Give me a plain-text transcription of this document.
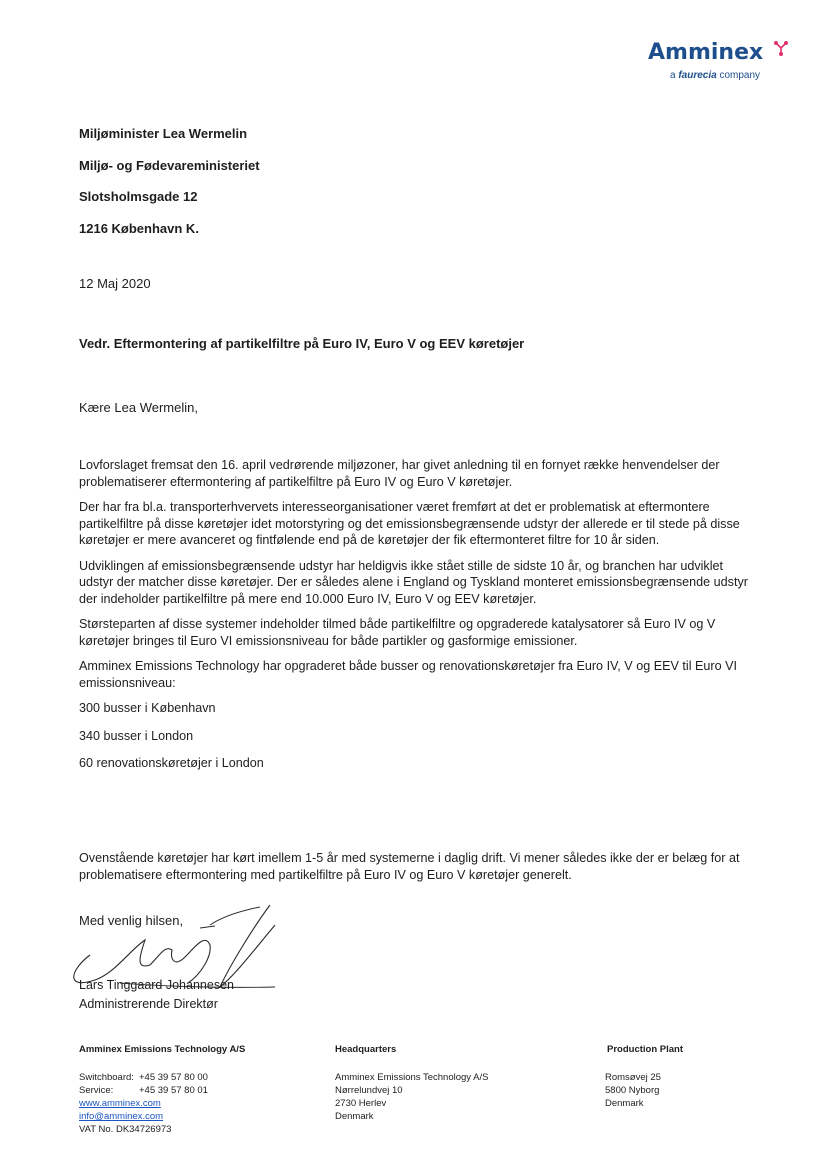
Amminex
a faurecia company
Miljøminister Lea Wermelin
Miljø- og Fødevareministeriet
Slotsholmsgade 12
1216 København K.
12 Maj 2020
Vedr. Eftermontering af partikelfiltre på Euro IV, Euro V og EEV køretøjer
Kære Lea Wermelin,

Lovforslaget fremsat den 16. april vedrørende miljøzoner, har givet anledning til en fornyet række henvendelser der problematiserer eftermontering af partikelfiltre på Euro IV og Euro V køretøjer.

Der har fra bl.a. transporterhvervets interesseorganisationer været fremført at det er problematisk at eftermontere partikelfiltre på disse køretøjer idet motorstyring og det emissionsbegrænsende udstyr der allerede er til stede på disse køretøjer er mere avanceret og fintfølende end på de køretøjer der fik eftermonteret filtre for 10 år siden.

Udviklingen af emissionsbegrænsende udstyr har heldigvis ikke stået stille de sidste 10 år, og branchen har udviklet udstyr der matcher disse køretøjer. Der er således alene i England og Tyskland monteret emissionsbegrænsende udstyr der indeholder partikelfiltre på mere end 10.000 Euro IV, Euro V og EEV køretøjer.

Størsteparten af disse systemer indeholder tilmed både partikelfiltre og opgraderede katalysatorer så Euro IV og V køretøjer bringes til Euro VI emissionsniveau for både partikler og gasformige emissioner.

Amminex Emissions Technology har opgraderet både busser og renovationskøretøjer fra Euro IV, V og EEV til Euro VI emissionsniveau:

300 busser i København

340 busser i London

60 renovationskøretøjer i London

Ovenstående køretøjer har kørt imellem 1-5 år med systemerne i daglig drift. Vi mener således ikke der er belæg for at problematisere eftermontering med partikelfiltre på Euro IV og Euro V køretøjer generelt.
Med venlig hilsen,
Lars Tinggaard Johannesen
Administrerende Direktør
Amminex Emissions Technology A/S
Switchboard: +45 39 57 80 00
Service:	+45 39 57 80 01
www.amminex.com
info@amminex.com
VAT No. DK34726973
Headquarters
Amminex Emissions Technology A/S
Nørrelundvej 10
2730 Herlev
Denmark
Production Plant
Romsøvej 25
5800 Nyborg
Denmark
